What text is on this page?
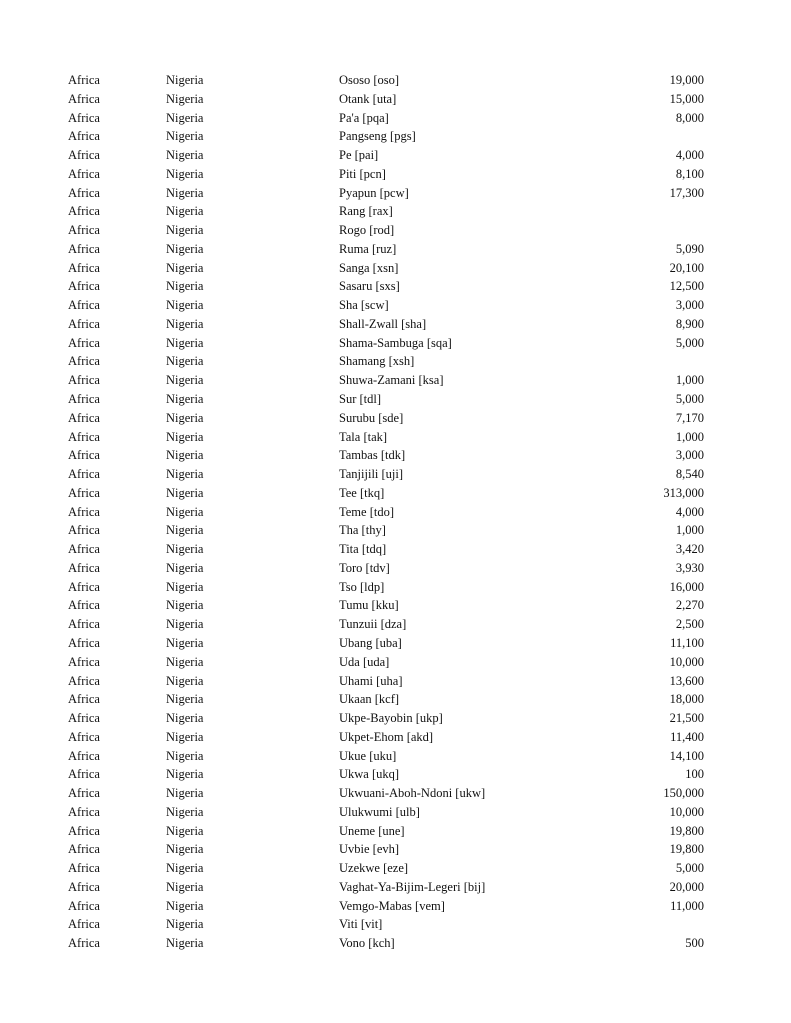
Africa	Nigeria	Ososo [oso]	19,000
Africa	Nigeria	Otank [uta]	15,000
Africa	Nigeria	Pa'a [pqa]	8,000
Africa	Nigeria	Pangseng [pgs]
Africa	Nigeria	Pe [pai]	4,000
Africa	Nigeria	Piti [pcn]	8,100
Africa	Nigeria	Pyapun [pcw]	17,300
Africa	Nigeria	Rang [rax]
Africa	Nigeria	Rogo [rod]
Africa	Nigeria	Ruma [ruz]	5,090
Africa	Nigeria	Sanga [xsn]	20,100
Africa	Nigeria	Sasaru [sxs]	12,500
Africa	Nigeria	Sha [scw]	3,000
Africa	Nigeria	Shall-Zwall [sha]	8,900
Africa	Nigeria	Shama-Sambuga [sqa]	5,000
Africa	Nigeria	Shamang [xsh]
Africa	Nigeria	Shuwa-Zamani [ksa]	1,000
Africa	Nigeria	Sur [tdl]	5,000
Africa	Nigeria	Surubu [sde]	7,170
Africa	Nigeria	Tala [tak]	1,000
Africa	Nigeria	Tambas [tdk]	3,000
Africa	Nigeria	Tanjijili [uji]	8,540
Africa	Nigeria	Tee [tkq]	313,000
Africa	Nigeria	Teme [tdo]	4,000
Africa	Nigeria	Tha [thy]	1,000
Africa	Nigeria	Tita [tdq]	3,420
Africa	Nigeria	Toro [tdv]	3,930
Africa	Nigeria	Tso [ldp]	16,000
Africa	Nigeria	Tumu [kku]	2,270
Africa	Nigeria	Tunzuii [dza]	2,500
Africa	Nigeria	Ubang [uba]	11,100
Africa	Nigeria	Uda [uda]	10,000
Africa	Nigeria	Uhami [uha]	13,600
Africa	Nigeria	Ukaan [kcf]	18,000
Africa	Nigeria	Ukpe-Bayobin [ukp]	21,500
Africa	Nigeria	Ukpet-Ehom [akd]	11,400
Africa	Nigeria	Ukue [uku]	14,100
Africa	Nigeria	Ukwa [ukq]	100
Africa	Nigeria	Ukwuani-Aboh-Ndoni [ukw]	150,000
Africa	Nigeria	Ulukwumi [ulb]	10,000
Africa	Nigeria	Uneme [une]	19,800
Africa	Nigeria	Uvbie [evh]	19,800
Africa	Nigeria	Uzekwe [eze]	5,000
Africa	Nigeria	Vaghat-Ya-Bijim-Legeri [bij]	20,000
Africa	Nigeria	Vemgo-Mabas [vem]	11,000
Africa	Nigeria	Viti [vit]
Africa	Nigeria	Vono [kch]	500
